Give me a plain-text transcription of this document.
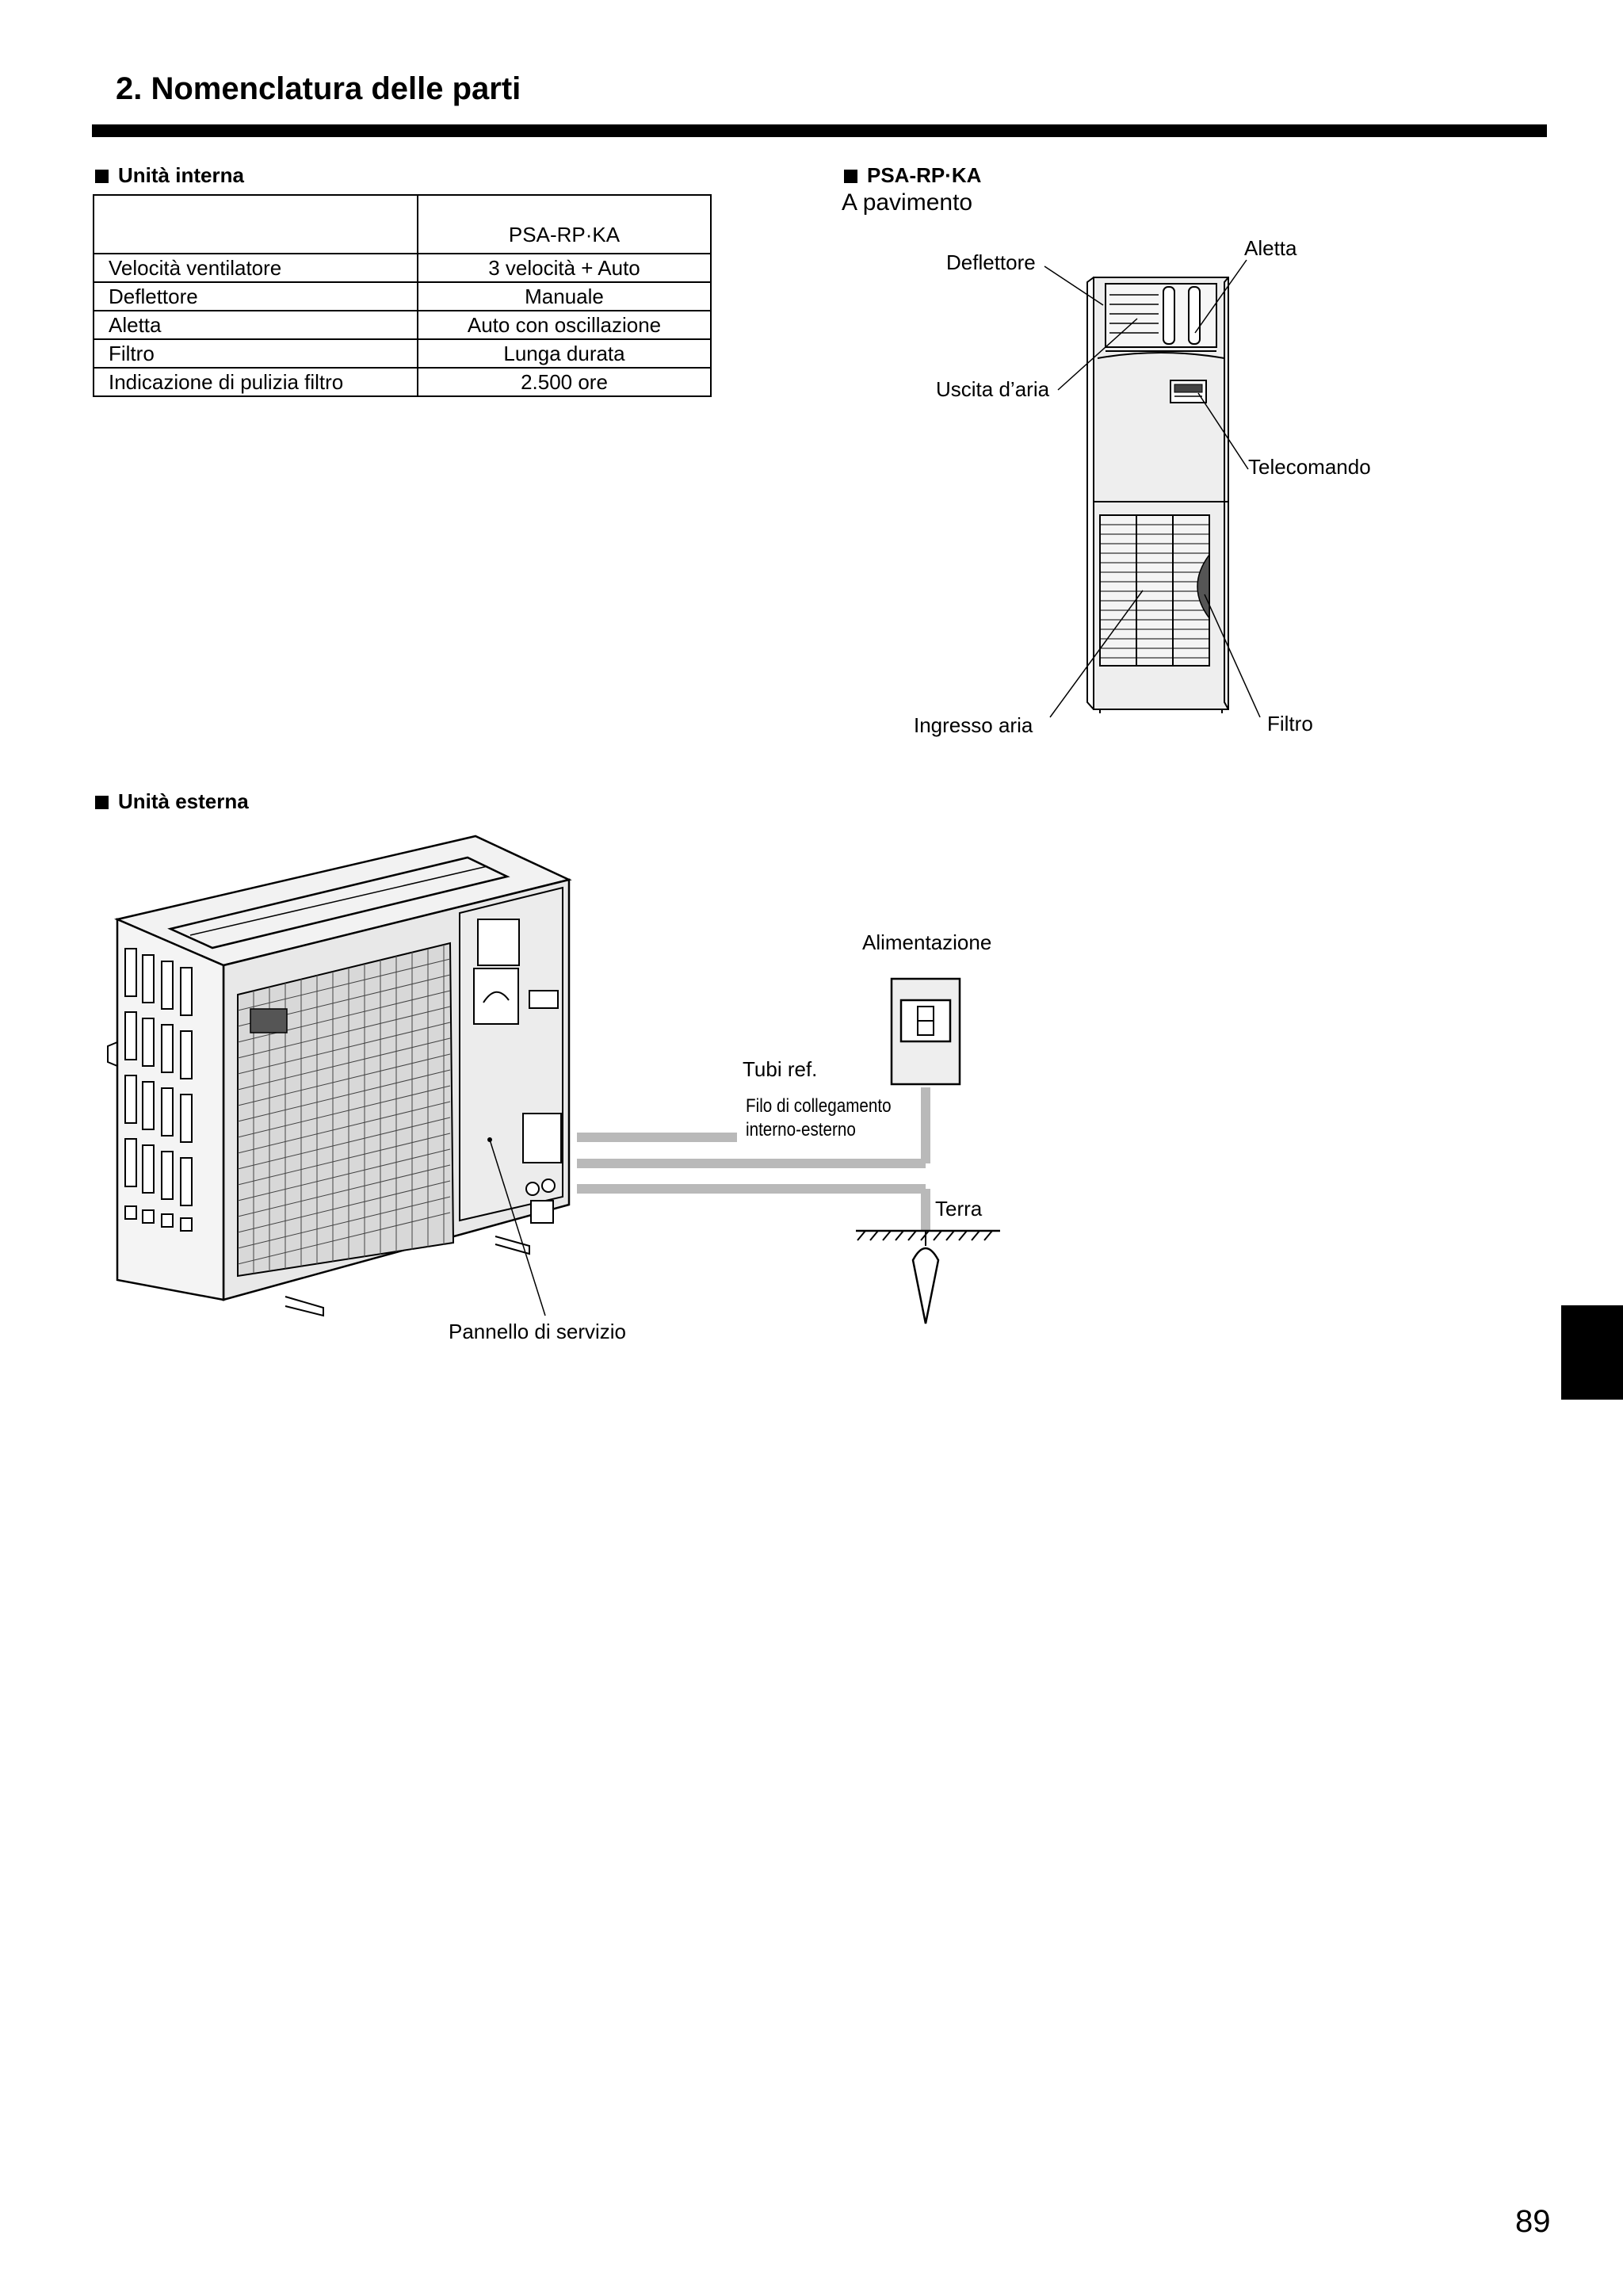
2. Nomenclatura delle parti
Unità interna
	PSA-RP·KA
Velocità ventilatore	3 velocità + Auto
Deflettore	Manuale
Aletta	Auto con oscillazione
Filtro	Lunga durata
Indicazione di pulizia filtro	2.500 ore
PSA-RP·KA
A pavimento
Deflettore
Aletta
Uscita d’aria
Telecomando
Ingresso aria	Filtro
Unità esterna
Alimentazione
Tubi ref.
Filo di collegamento
interno-esterno
Terra
Pannello di servizio
89
